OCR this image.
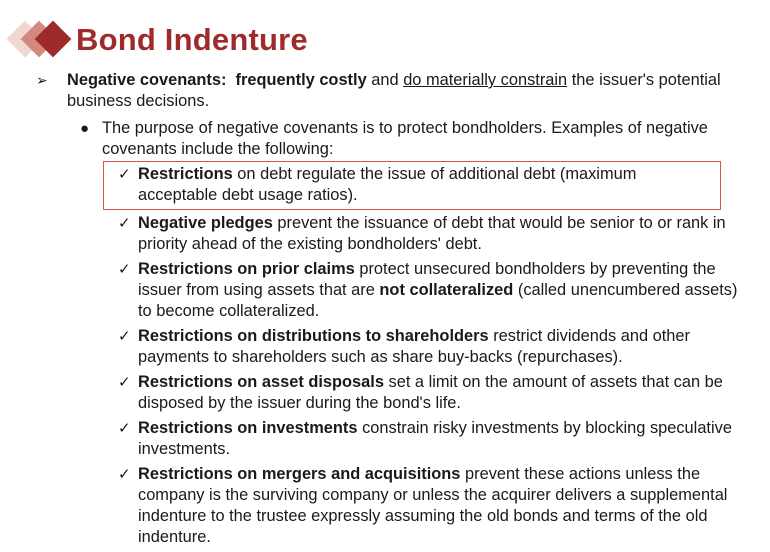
Bond Indenture
➢	Negative covenants: frequently costly and do materially constrain the issuer's potential business decisions.
● The purpose of negative covenants is to protect bondholders. Examples of negative covenants include the following:
✓ Restrictions on debt regulate the issue of additional debt (maximum acceptable debt usage ratios).
✓ Negative pledges prevent the issuance of debt that would be senior to or rank in priority ahead of the existing bondholders' debt.
✓ Restrictions on prior claims protect unsecured bondholders by preventing the issuer from using assets that are not collateralized (called unencumbered assets) to become collateralized.
✓ Restrictions on distributions to shareholders restrict dividends and other payments to shareholders such as share buy-backs (repurchases).
✓ Restrictions on asset disposals set a limit on the amount of assets that can be disposed by the issuer during the bond's life.
✓ Restrictions on investments constrain risky investments by blocking speculative investments.
✓ Restrictions on mergers and acquisitions prevent these actions unless the company is the surviving company or unless the acquirer delivers a supplemental indenture to the trustee expressly assuming the old bonds and terms of the old indenture.
